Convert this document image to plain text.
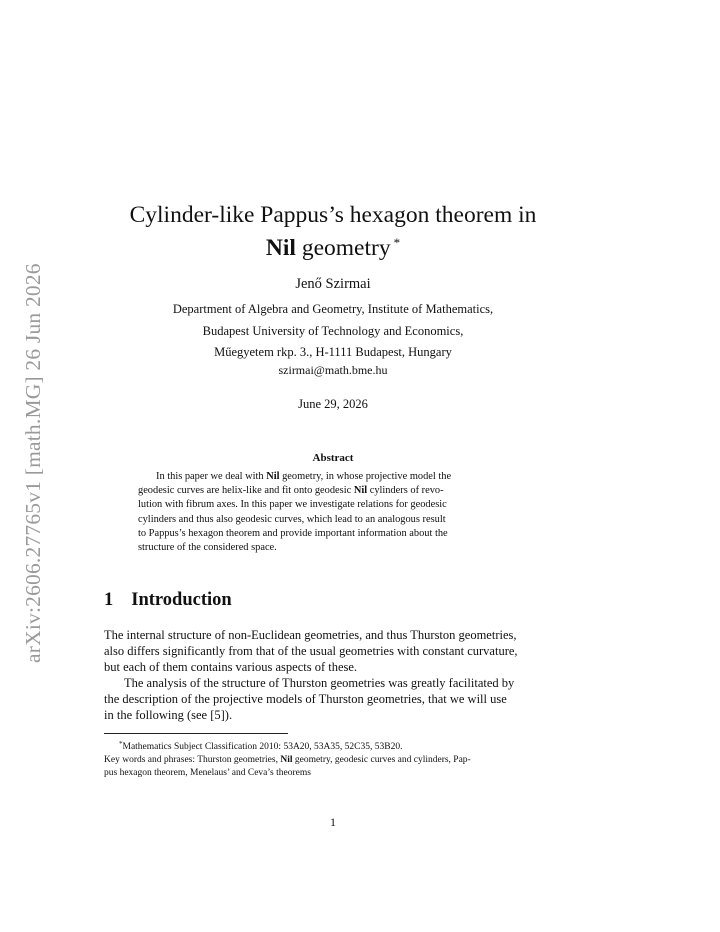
arXiv:2606.27765v1 [math.MG] 26 Jun 2026
Cylinder-like Pappus’s hexagon theorem in
Nil geometry *
Jenő Szirmai
Department of Algebra and Geometry, Institute of Mathematics,
Budapest University of Technology and Economics,
Műegyetem rkp. 3., H-1111 Budapest, Hungary
szirmai@math.bme.hu
June 29, 2026
Abstract
In this paper we deal with Nil geometry, in whose projective model the
geodesic curves are helix-like and fit onto geodesic Nil cylinders of revo-
lution with fibrum axes. In this paper we investigate relations for geodesic
cylinders and thus also geodesic curves, which lead to an analogous result
to Pappus’s hexagon theorem and provide important information about the
structure of the considered space.
1 Introduction
The internal structure of non-Euclidean geometries, and thus Thurston geometries,
also differs significantly from that of the usual geometries with constant curvature,
but each of them contains various aspects of these.
The analysis of the structure of Thurston geometries was greatly facilitated by
the description of the projective models of Thurston geometries, that we will use
in the following (see [5]).
*Mathematics Subject Classification 2010: 53A20, 53A35, 52C35, 53B20.
Key words and phrases: Thurston geometries, Nil geometry, geodesic curves and cylinders, Pap-
pus hexagon theorem, Menelaus’ and Ceva’s theorems
1
